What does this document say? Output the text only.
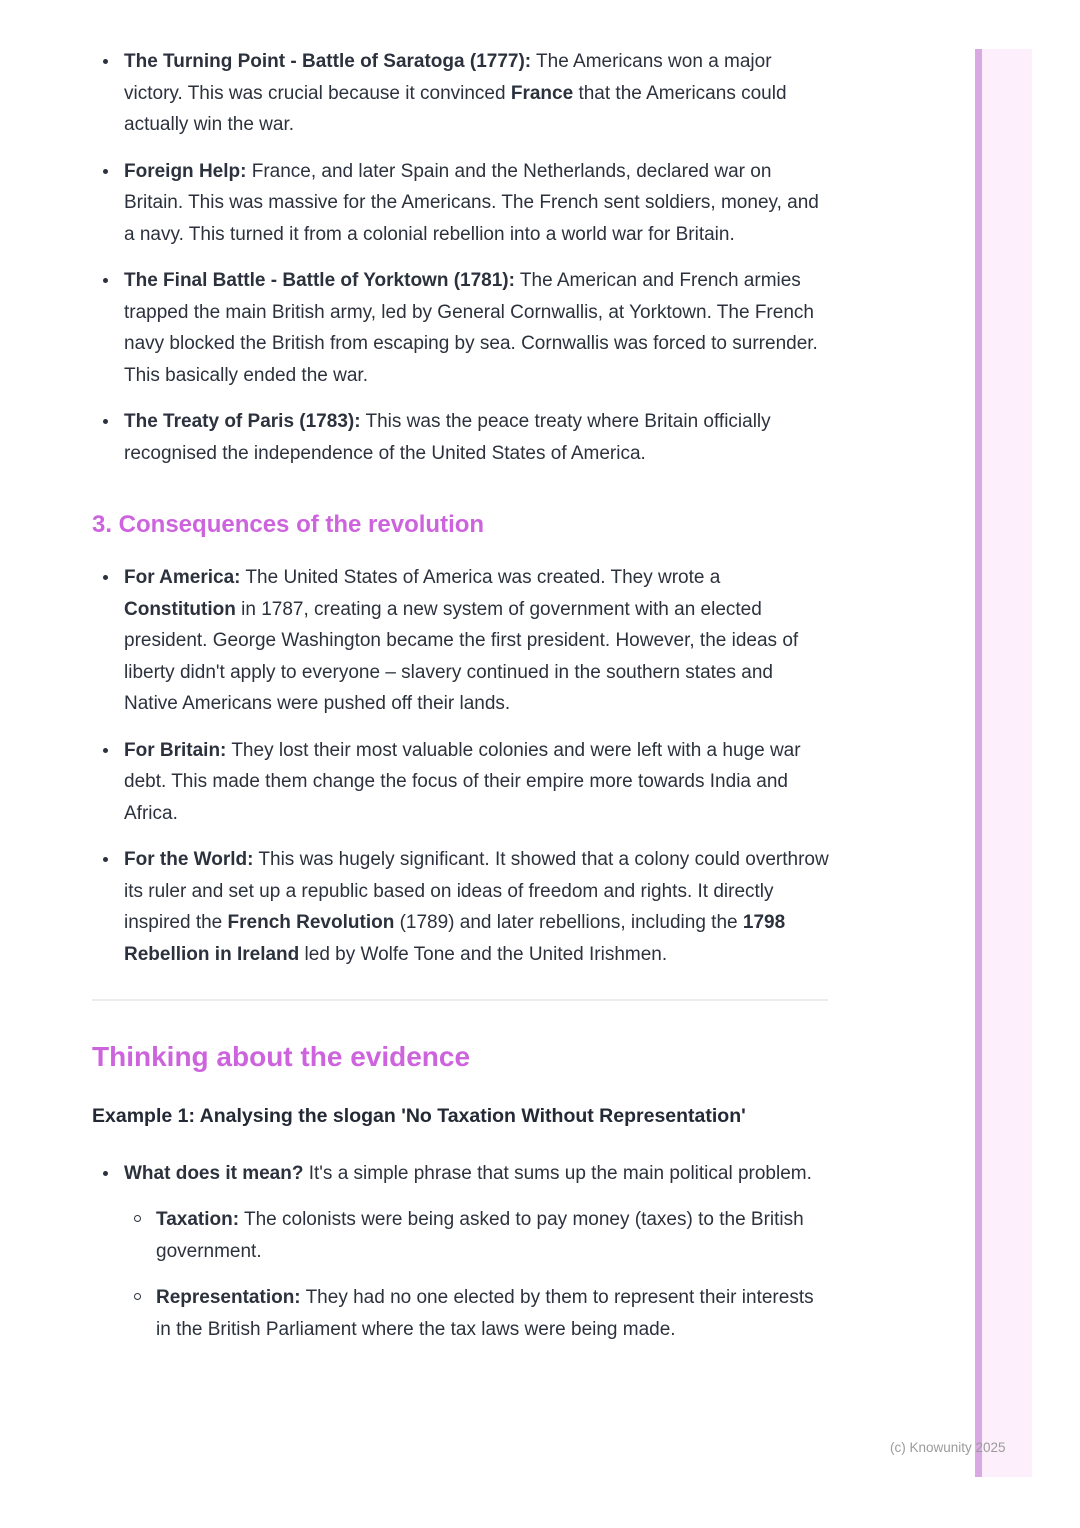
The Turning Point - Battle of Saratoga (1777): The Americans won a major victory. This was crucial because it convinced France that the Americans could actually win the war.
Foreign Help: France, and later Spain and the Netherlands, declared war on Britain. This was massive for the Americans. The French sent soldiers, money, and a navy. This turned it from a colonial rebellion into a world war for Britain.
The Final Battle - Battle of Yorktown (1781): The American and French armies trapped the main British army, led by General Cornwallis, at Yorktown. The French navy blocked the British from escaping by sea. Cornwallis was forced to surrender. This basically ended the war.
The Treaty of Paris (1783): This was the peace treaty where Britain officially recognised the independence of the United States of America.
3. Consequences of the revolution
For America: The United States of America was created. They wrote a Constitution in 1787, creating a new system of government with an elected president. George Washington became the first president. However, the ideas of liberty didn't apply to everyone – slavery continued in the southern states and Native Americans were pushed off their lands.
For Britain: They lost their most valuable colonies and were left with a huge war debt. This made them change the focus of their empire more towards India and Africa.
For the World: This was hugely significant. It showed that a colony could overthrow its ruler and set up a republic based on ideas of freedom and rights. It directly inspired the French Revolution (1789) and later rebellions, including the 1798 Rebellion in Ireland led by Wolfe Tone and the United Irishmen.
Thinking about the evidence

Example 1: Analysing the slogan 'No Taxation Without Representation'

What does it mean? It's a simple phrase that sums up the main political problem.
Taxation: The colonists were being asked to pay money (taxes) to the British government.
Representation: They had no one elected by them to represent their interests in the British Parliament where the tax laws were being made.
(c) Knowunity 2025
